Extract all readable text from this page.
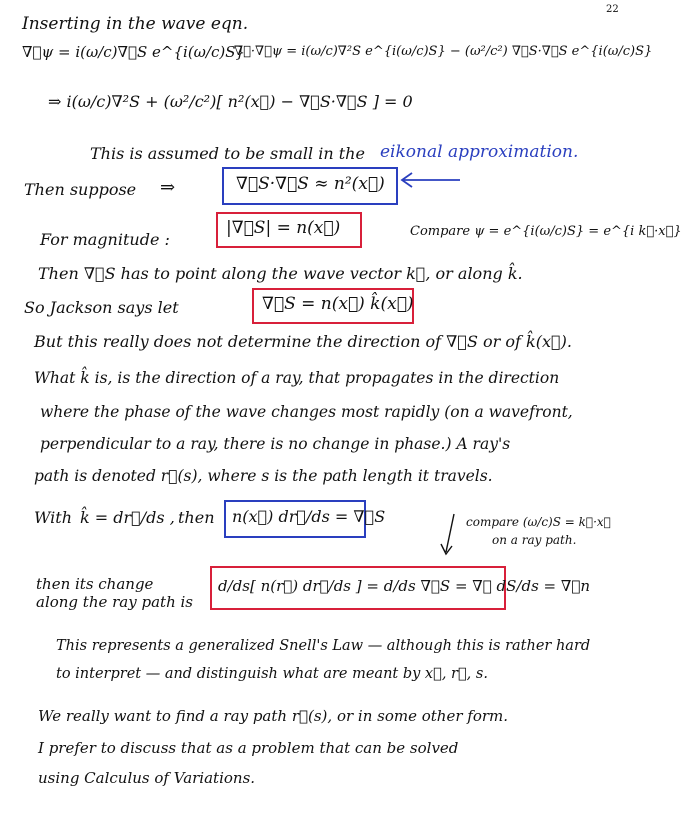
22
Inserting in the wave eqn.
∇⃗ψ = i(ω/c)∇⃗S e^{i(ω/c)S}
∇⃗·∇⃗ψ = i(ω/c)∇²S e^{i(ω/c)S} − (ω²/c²) ∇⃗S·∇⃗S e^{i(ω/c)S}
⇒ i(ω/c)∇²S + (ω²/c²)[ n²(x⃗) − ∇⃗S·∇⃗S ] = 0
This is assumed to be small in the eikonal approximation.
Then suppose ⇒	∇⃗S·∇⃗S ≈ n²(x⃗)
For magnitude :
|∇⃗S| = n(x⃗)	Compare ψ = e^{i(ω/c)S} = e^{i k⃗·x⃗}
Then ∇⃗S has to point along the wave vector k⃗, or along k̂.
So Jackson says let	∇⃗S = n(x⃗) k̂(x⃗)
But this really does not determine the direction of ∇⃗S or of k̂(x⃗).
What k̂ is, is the direction of a ray, that propagates in the direction
where the phase of the wave changes most rapidly (on a wavefront,
perpendicular to a ray, there is no change in phase.) A ray's
path is denoted r⃗(s), where s is the path length it travels.
With k̂ = dr⃗/ds , then n(x⃗) dr⃗/ds = ∇⃗S	compare (ω/c)S = k⃗·x⃗
on a ray path.
then its change
along the ray path is
d/ds[ n(r⃗) dr⃗/ds ] = d/ds ∇⃗S = ∇⃗ dS/ds = ∇⃗n
This represents a generalized Snell's Law — although this is rather hard
to interpret — and distinguish what are meant by x⃗, r⃗, s.
We really want to find a ray path r⃗(s), or in some other form.
I prefer to discuss that as a problem that can be solved
using Calculus of Variations.
